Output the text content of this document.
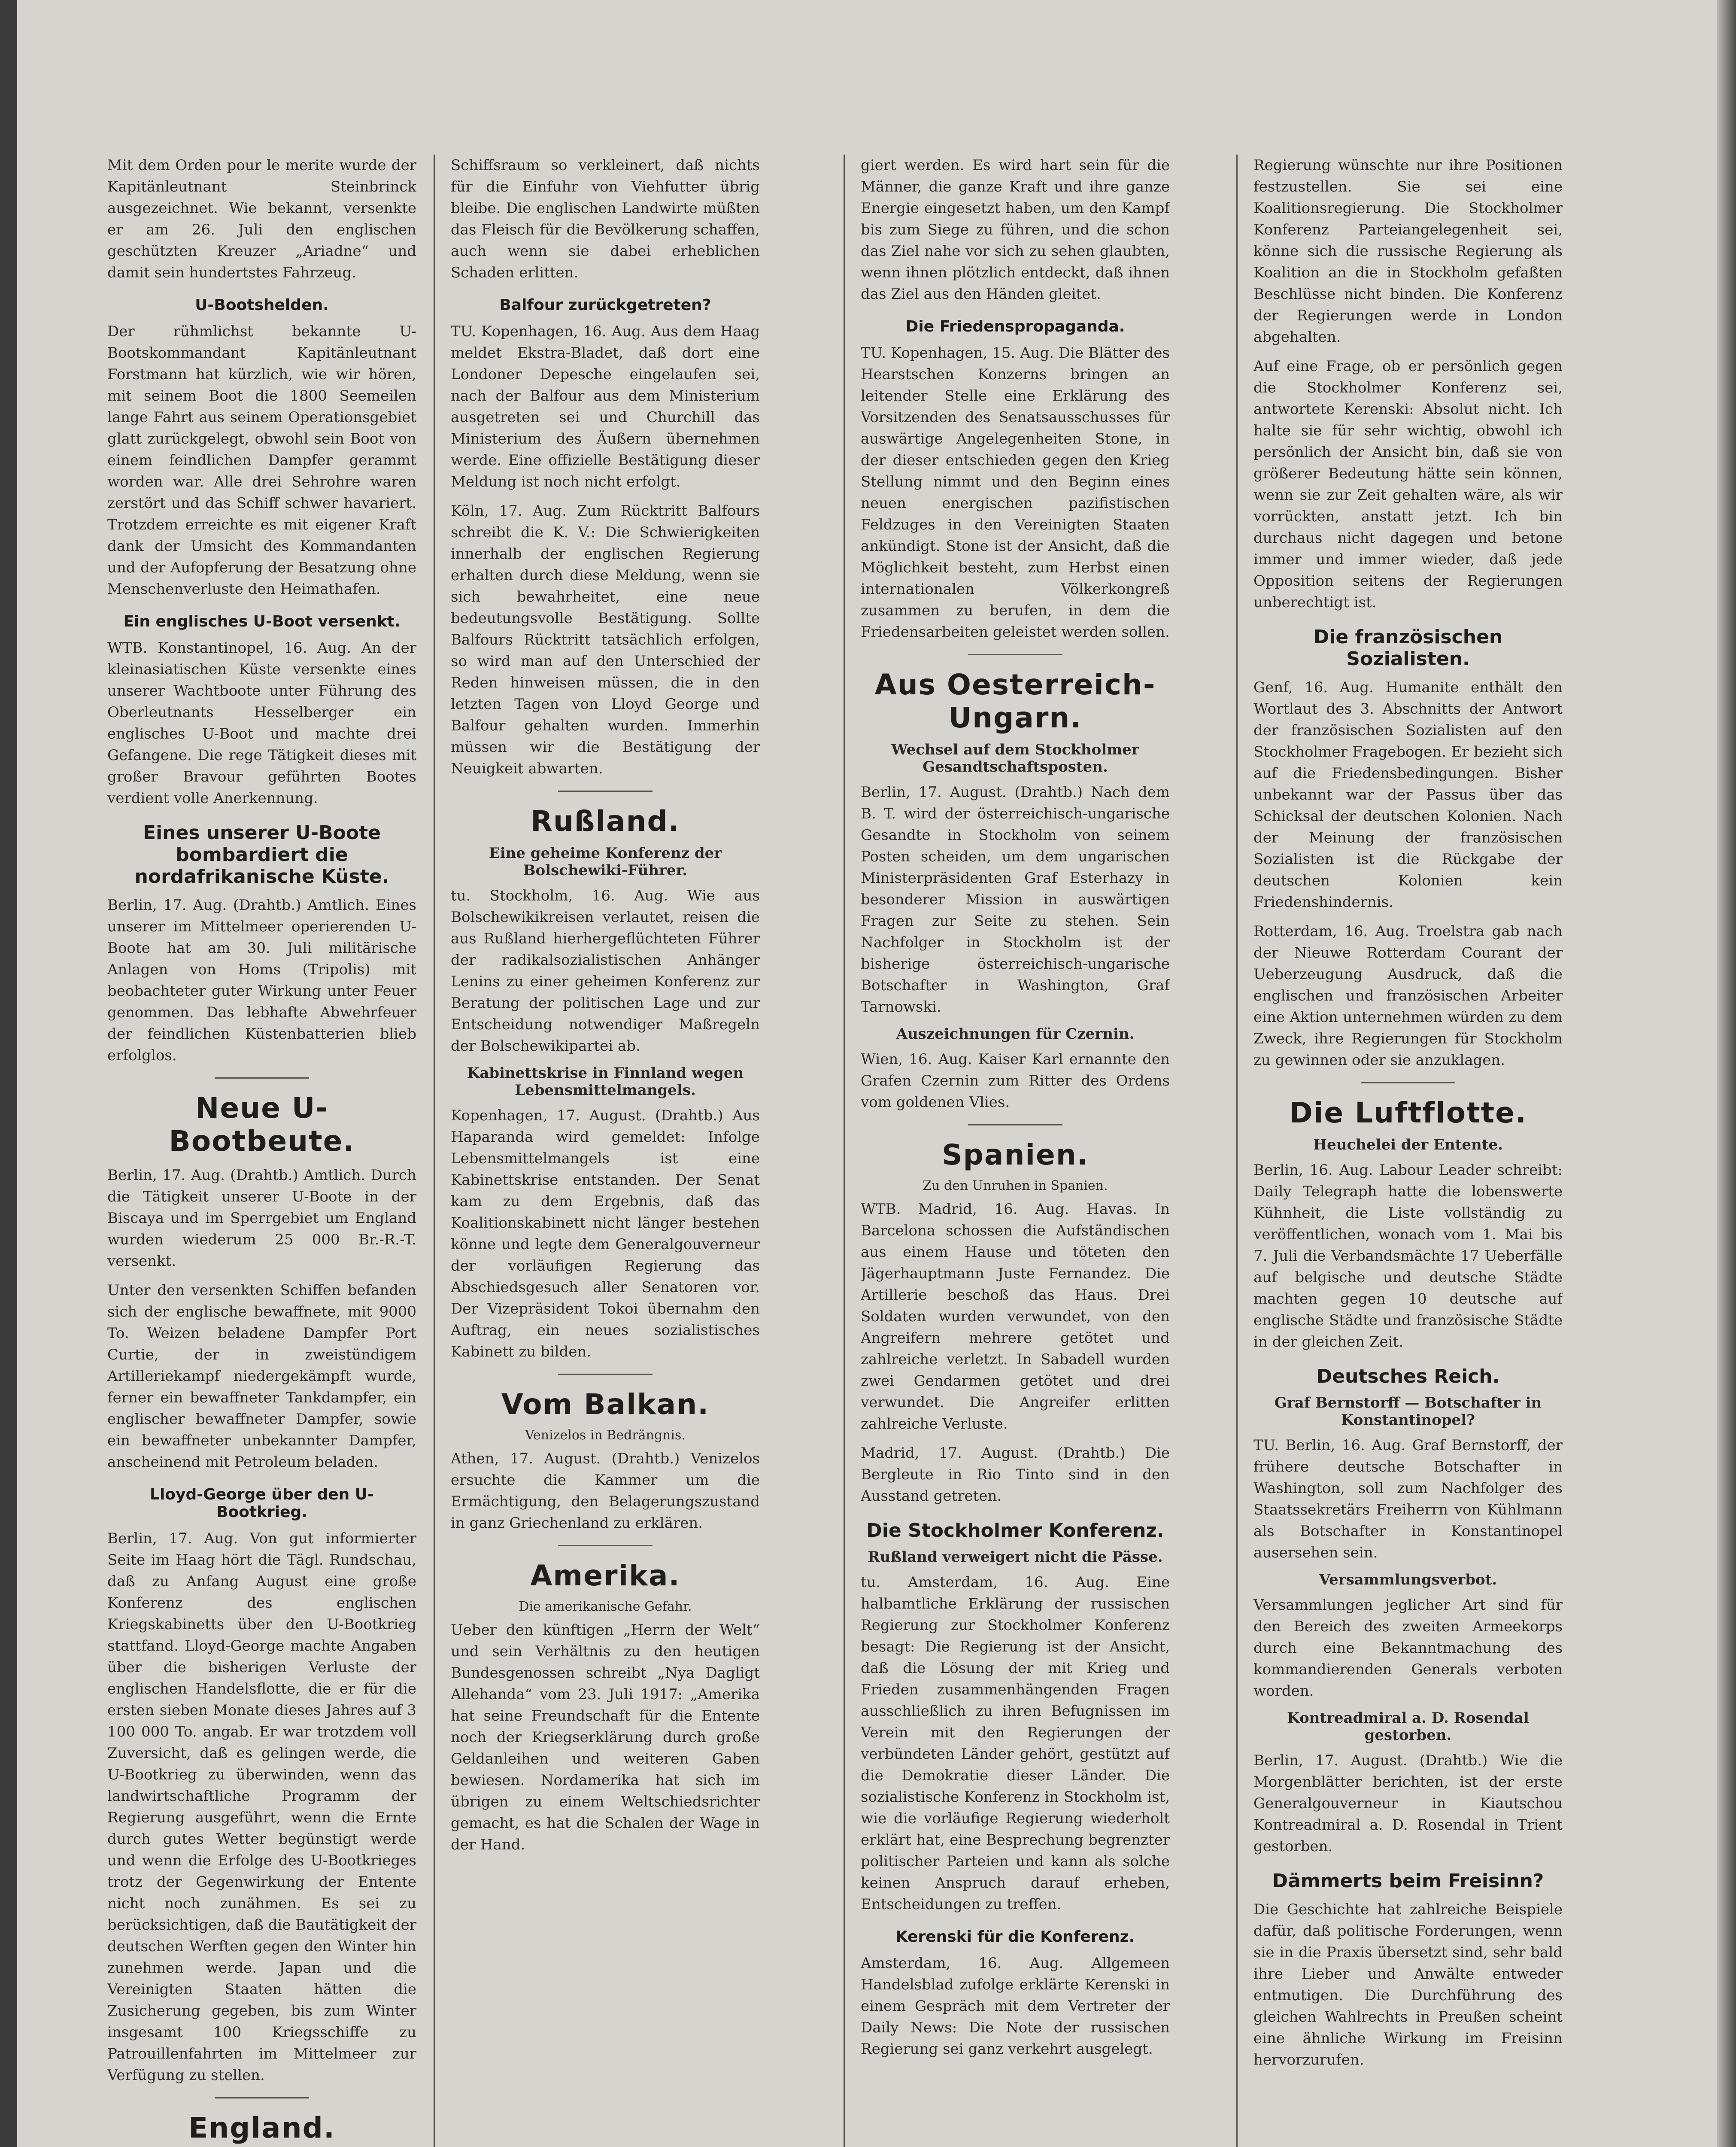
Mit dem Orden pour le merite wurde der Kapitänleutnant Steinbrinck ausgezeichnet. Wie bekannt, versenkte er am 26. Juli den englischen geschützten Kreuzer „Ariadne“ und damit sein hundertstes Fahrzeug.

U-Bootshelden.

Der rühmlichst bekannte U-Bootskommandant Kapitänleutnant Forstmann hat kürzlich, wie wir hören, mit seinem Boot die 1800 Seemeilen lange Fahrt aus seinem Operationsgebiet glatt zurückgelegt, obwohl sein Boot von einem feindlichen Dampfer gerammt worden war. Alle drei Sehrohre waren zerstört und das Schiff schwer havariert. Trotzdem erreichte es mit eigener Kraft dank der Umsicht des Kommandanten und der Aufopferung der Besatzung ohne Menschenverluste den Heimathafen.

Ein englisches U-Boot versenkt.

WTB. Konstantinopel, 16. Aug. An der kleinasiatischen Küste versenkte eines unserer Wachtboote unter Führung des Oberleutnants Hesselberger ein englisches U-Boot und machte drei Gefangene. Die rege Tätigkeit dieses mit großer Bravour geführten Bootes verdient volle Anerkennung.

Eines unserer U-Boote bombardiert die nordafrikanische Küste.

Berlin, 17. Aug. (Drahtb.) Amtlich. Eines unserer im Mittelmeer operierenden U-Boote hat am 30. Juli militärische Anlagen von Homs (Tripolis) mit beobachteter guter Wirkung unter Feuer genommen. Das lebhafte Abwehrfeuer der feindlichen Küstenbatterien blieb erfolglos.

Neue U-Bootbeute.

Berlin, 17. Aug. (Drahtb.) Amtlich. Durch die Tätigkeit unserer U-Boote in der Biscaya und im Sperrgebiet um England wurden wiederum 25 000 Br.-R.-T. versenkt.

Unter den versenkten Schiffen befanden sich der englische bewaffnete, mit 9000 To. Weizen beladene Dampfer Port Curtie, der in zweistündigem Artilleriekampf niedergekämpft wurde, ferner ein bewaffneter Tankdampfer, ein englischer bewaffneter Dampfer, sowie ein bewaffneter unbekannter Dampfer, anscheinend mit Petroleum beladen.

Lloyd-George über den U-Bootkrieg.

Berlin, 17. Aug. Von gut informierter Seite im Haag hört die Tägl. Rundschau, daß zu Anfang August eine große Konferenz des englischen Kriegskabinetts über den U-Bootkrieg stattfand. Lloyd-George machte Angaben über die bisherigen Verluste der englischen Handelsflotte, die er für die ersten sieben Monate dieses Jahres auf 3 100 000 To. angab. Er war trotzdem voll Zuversicht, daß es gelingen werde, die U-Bootkrieg zu überwinden, wenn das landwirtschaftliche Programm der Regierung ausgeführt, wenn die Ernte durch gutes Wetter begünstigt werde und wenn die Erfolge des U-Bootkrieges trotz der Gegenwirkung der Entente nicht noch zunähmen. Es sei zu berücksichtigen, daß die Bautätigkeit der deutschen Werften gegen den Winter hin zunehmen werde. Japan und die Vereinigten Staaten hätten die Zusicherung gegeben, bis zum Winter insgesamt 100 Kriegsschiffe zu Patrouillenfahrten im Mittelmeer zur Verfügung zu stellen.

England.

Schiffsraum so verkleinert, daß nichts für die Einfuhr von Viehfutter übrig bleibe. Die englischen Landwirte müßten das Fleisch für die Bevölkerung schaffen, auch wenn sie dabei erheblichen Schaden erlitten.

Balfour zurückgetreten?

TU. Kopenhagen, 16. Aug. Aus dem Haag meldet Ekstra-Bladet, daß dort eine Londoner Depesche eingelaufen sei, nach der Balfour aus dem Ministerium ausgetreten sei und Churchill das Ministerium des Äußern übernehmen werde. Eine offizielle Bestätigung dieser Meldung ist noch nicht erfolgt.

Köln, 17. Aug. Zum Rücktritt Balfours schreibt die K. V.: Die Schwierigkeiten innerhalb der englischen Regierung erhalten durch diese Meldung, wenn sie sich bewahrheitet, eine neue bedeutungsvolle Bestätigung. Sollte Balfours Rücktritt tatsächlich erfolgen, so wird man auf den Unterschied der Reden hinweisen müssen, die in den letzten Tagen von Lloyd George und Balfour gehalten wurden. Immerhin müssen wir die Bestätigung der Neuigkeit abwarten.

Rußland.
Eine geheime Konferenz der Bolschewiki-Führer.

tu. Stockholm, 16. Aug. Wie aus Bolschewikikreisen verlautet, reisen die aus Rußland hierhergeflüchteten Führer der radikalsozialistischen Anhänger Lenins zu einer geheimen Konferenz zur Beratung der politischen Lage und zur Entscheidung notwendiger Maßregeln der Bolschewikipartei ab.

Kabinettskrise in Finnland wegen Lebensmittelmangels.

Kopenhagen, 17. August. (Drahtb.) Aus Haparanda wird gemeldet: Infolge Lebensmittelmangels ist eine Kabinettskrise entstanden. Der Senat kam zu dem Ergebnis, daß das Koalitionskabinett nicht länger bestehen könne und legte dem Generalgouverneur der vorläufigen Regierung das Abschiedsgesuch aller Senatoren vor. Der Vizepräsident Tokoi übernahm den Auftrag, ein neues sozialistisches Kabinett zu bilden.

Vom Balkan.
Venizelos in Bedrängnis.

Athen, 17. August. (Drahtb.) Venizelos ersuchte die Kammer um die Ermächtigung, den Belagerungszustand in ganz Griechenland zu erklären.

Amerika.
Die amerikanische Gefahr.

Ueber den künftigen „Herrn der Welt“ und sein Verhältnis zu den heutigen Bundesgenossen schreibt „Nya Dagligt Allehanda“ vom 23. Juli 1917: „Amerika hat seine Freundschaft für die Entente noch der Kriegserklärung durch große Geldanleihen und weiteren Gaben bewiesen. Nordamerika hat sich im übrigen zu einem Weltschiedsrichter gemacht, es hat die Schalen der Wage in der Hand.

giert werden. Es wird hart sein für die Männer, die ganze Kraft und ihre ganze Energie eingesetzt haben, um den Kampf bis zum Siege zu führen, und die schon das Ziel nahe vor sich zu sehen glaubten, wenn ihnen plötzlich entdeckt, daß ihnen das Ziel aus den Händen gleitet.

Die Friedenspropaganda.

TU. Kopenhagen, 15. Aug. Die Blätter des Hearstschen Konzerns bringen an leitender Stelle eine Erklärung des Vorsitzenden des Senatsausschusses für auswärtige Angelegenheiten Stone, in der dieser entschieden gegen den Krieg Stellung nimmt und den Beginn eines neuen energischen pazifistischen Feldzuges in den Vereinigten Staaten ankündigt. Stone ist der Ansicht, daß die Möglichkeit besteht, zum Herbst einen internationalen Völkerkongreß zusammen zu berufen, in dem die Friedensarbeiten geleistet werden sollen.

Aus Oesterreich-Ungarn.
Wechsel auf dem Stockholmer Gesandtschaftsposten.

Berlin, 17. August. (Drahtb.) Nach dem B. T. wird der österreichisch-ungarische Gesandte in Stockholm von seinem Posten scheiden, um dem ungarischen Ministerpräsidenten Graf Esterhazy in besonderer Mission in auswärtigen Fragen zur Seite zu stehen. Sein Nachfolger in Stockholm ist der bisherige österreichisch-ungarische Botschafter in Washington, Graf Tarnowski.

Auszeichnungen für Czernin.

Wien, 16. Aug. Kaiser Karl ernannte den Grafen Czernin zum Ritter des Ordens vom goldenen Vlies.

Spanien.
Zu den Unruhen in Spanien.

WTB. Madrid, 16. Aug. Havas. In Barcelona schossen die Aufständischen aus einem Hause und töteten den Jägerhauptmann Juste Fernandez. Die Artillerie beschoß das Haus. Drei Soldaten wurden verwundet, von den Angreifern mehrere getötet und zahlreiche verletzt. In Sabadell wurden zwei Gendarmen getötet und drei verwundet. Die Angreifer erlitten zahlreiche Verluste.

Madrid, 17. August. (Drahtb.) Die Bergleute in Rio Tinto sind in den Ausstand getreten.

Die Stockholmer Konferenz.
Rußland verweigert nicht die Pässe.

tu. Amsterdam, 16. Aug. Eine halbamtliche Erklärung der russischen Regierung zur Stockholmer Konferenz besagt: Die Regierung ist der Ansicht, daß die Lösung der mit Krieg und Frieden zusammenhängenden Fragen ausschließlich zu ihren Befugnissen im Verein mit den Regierungen der verbündeten Länder gehört, gestützt auf die Demokratie dieser Länder. Die sozialistische Konferenz in Stockholm ist, wie die vorläufige Regierung wiederholt erklärt hat, eine Besprechung begrenzter politischer Parteien und kann als solche keinen Anspruch darauf erheben, Entscheidungen zu treffen.

Kerenski für die Konferenz.

Amsterdam, 16. Aug. Allgemeen Handelsblad zufolge erklärte Kerenski in einem Gespräch mit dem Vertreter der Daily News: Die Note der russischen Regierung sei ganz verkehrt ausgelegt.

Regierung wünschte nur ihre Positionen festzustellen. Sie sei eine Koalitionsregierung. Die Stockholmer Konferenz Parteiangelegenheit sei, könne sich die russische Regierung als Koalition an die in Stockholm gefaßten Beschlüsse nicht binden. Die Konferenz der Regierungen werde in London abgehalten.

Auf eine Frage, ob er persönlich gegen die Stockholmer Konferenz sei, antwortete Kerenski: Absolut nicht. Ich halte sie für sehr wichtig, obwohl ich persönlich der Ansicht bin, daß sie von größerer Bedeutung hätte sein können, wenn sie zur Zeit gehalten wäre, als wir vorrückten, anstatt jetzt. Ich bin durchaus nicht dagegen und betone immer und immer wieder, daß jede Opposition seitens der Regierungen unberechtigt ist.

Die französischen Sozialisten.

Genf, 16. Aug. Humanite enthält den Wortlaut des 3. Abschnitts der Antwort der französischen Sozialisten auf den Stockholmer Fragebogen. Er bezieht sich auf die Friedensbedingungen. Bisher unbekannt war der Passus über das Schicksal der deutschen Kolonien. Nach der Meinung der französischen Sozialisten ist die Rückgabe der deutschen Kolonien kein Friedenshindernis.

Rotterdam, 16. Aug. Troelstra gab nach der Nieuwe Rotterdam Courant der Ueberzeugung Ausdruck, daß die englischen und französischen Arbeiter eine Aktion unternehmen würden zu dem Zweck, ihre Regierungen für Stockholm zu gewinnen oder sie anzuklagen.

Die Luftflotte.
Heuchelei der Entente.

Berlin, 16. Aug. Labour Leader schreibt: Daily Telegraph hatte die lobenswerte Kühnheit, die Liste vollständig zu veröffentlichen, wonach vom 1. Mai bis 7. Juli die Verbandsmächte 17 Ueberfälle auf belgische und deutsche Städte machten gegen 10 deutsche auf englische Städte und französische Städte in der gleichen Zeit.

Deutsches Reich.
Graf Bernstorff — Botschafter in Konstantinopel?

TU. Berlin, 16. Aug. Graf Bernstorff, der frühere deutsche Botschafter in Washington, soll zum Nachfolger des Staatssekretärs Freiherrn von Kühlmann als Botschafter in Konstantinopel ausersehen sein.

Versammlungsverbot.

Versammlungen jeglicher Art sind für den Bereich des zweiten Armeekorps durch eine Bekanntmachung des kommandierenden Generals verboten worden.

Kontreadmiral a. D. Rosendal gestorben.

Berlin, 17. August. (Drahtb.) Wie die Morgenblätter berichten, ist der erste Generalgouverneur in Kiautschou Kontreadmiral a. D. Rosendal in Trient gestorben.

Dämmerts beim Freisinn?

Die Geschichte hat zahlreiche Beispiele dafür, daß politische Forderungen, wenn sie in die Praxis übersetzt sind, sehr bald ihre Lieber und Anwälte entweder entmutigen. Die Durchführung des gleichen Wahlrechts in Preußen scheint eine ähnliche Wirkung im Freisinn hervorzurufen.
